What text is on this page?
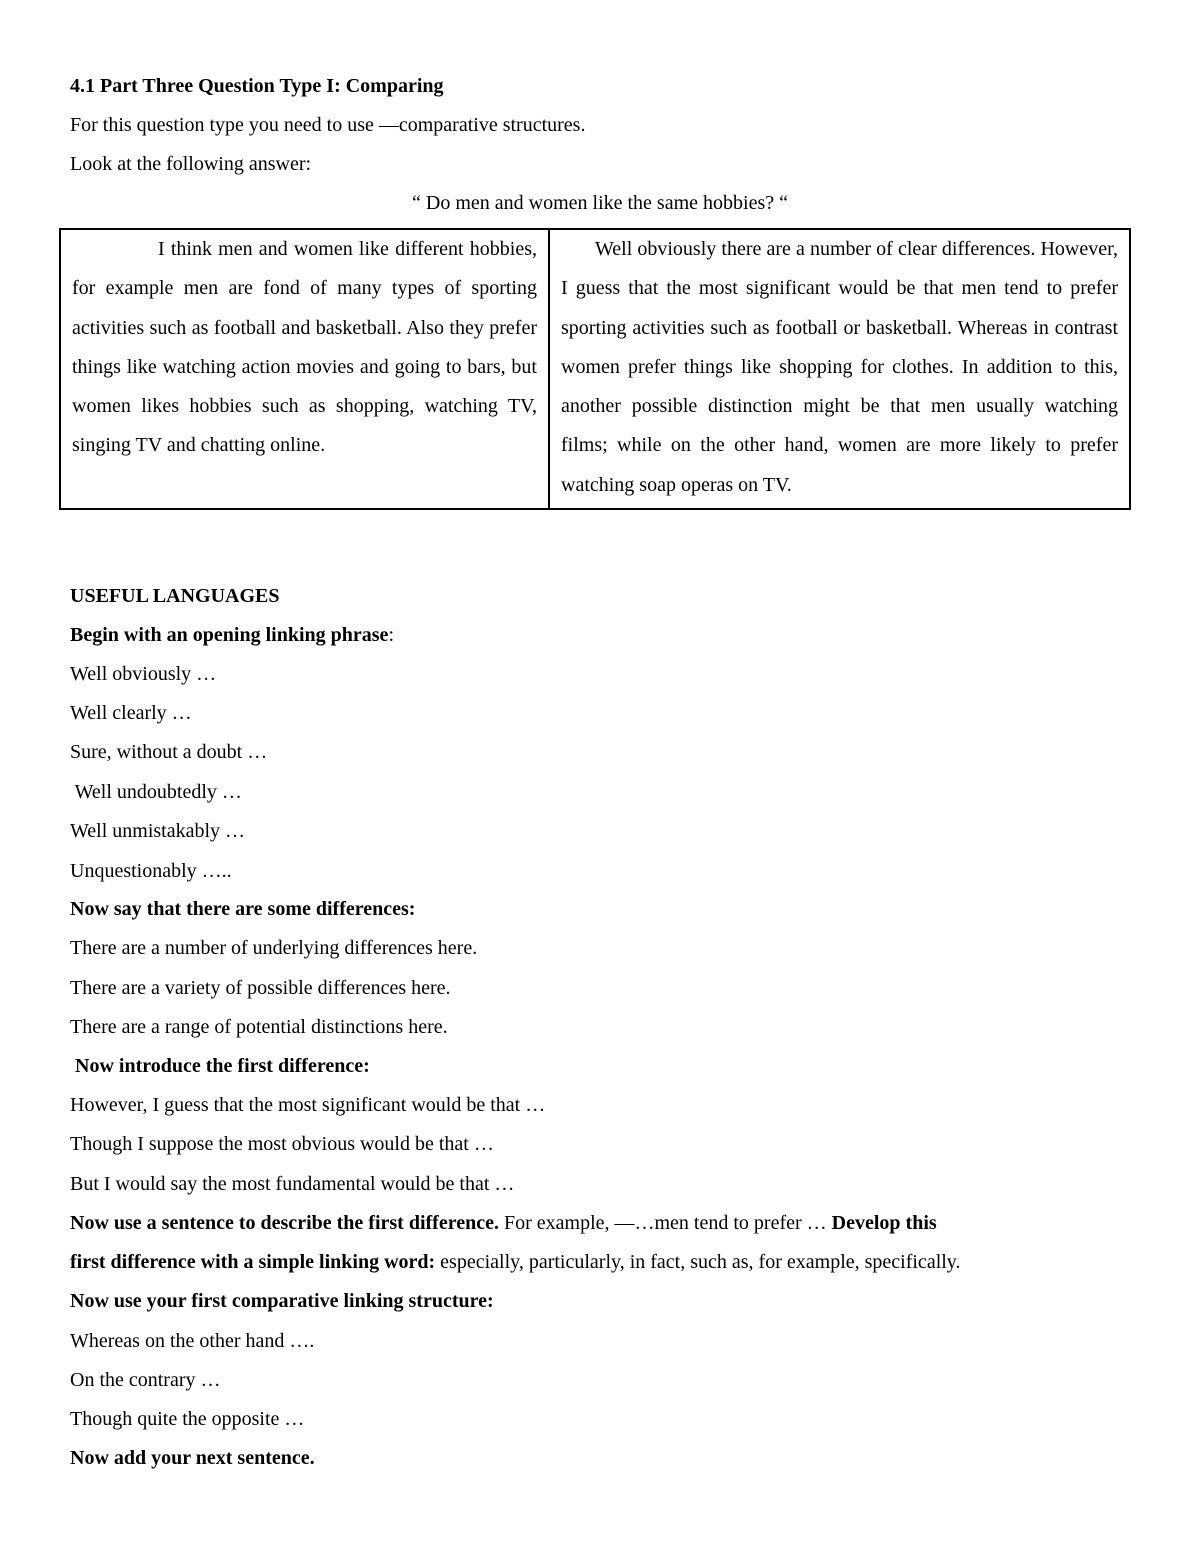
4.1 Part Three Question Type I: Comparing
For this question type you need to use —comparative structures.
Look at the following answer:
“ Do men and women like the same hobbies? “
I think men and women like different hobbies, for example men are fond of many types of sporting activities such as football and basketball. Also they prefer things like watching action movies and going to bars, but women likes hobbies such as shopping, watching TV, singing TV and chatting online.	Well obviously there are a number of clear differences. However, I guess that the most significant would be that men tend to prefer sporting activities such as football or basketball. Whereas in contrast women prefer things like shopping for clothes. In addition to this, another possible distinction might be that men usually watching films; while on the other hand, women are more likely to prefer watching soap operas on TV.
USEFUL LANGUAGES
Begin with an opening linking phrase:
Well obviously …
Well clearly …
Sure, without a doubt …
Well undoubtedly …
Well unmistakably …
Unquestionably …..
Now say that there are some differences:
There are a number of underlying differences here.
There are a variety of possible differences here.
There are a range of potential distinctions here.
Now introduce the first difference:
However, I guess that the most significant would be that …
Though I suppose the most obvious would be that …
But I would say the most fundamental would be that …
Now use a sentence to describe the first difference. For example, —…men tend to prefer … Develop this
first difference with a simple linking word: especially, particularly, in fact, such as, for example, specifically.
Now use your first comparative linking structure:
Whereas on the other hand ….
On the contrary …
Though quite the opposite …
Now add your next sentence.
